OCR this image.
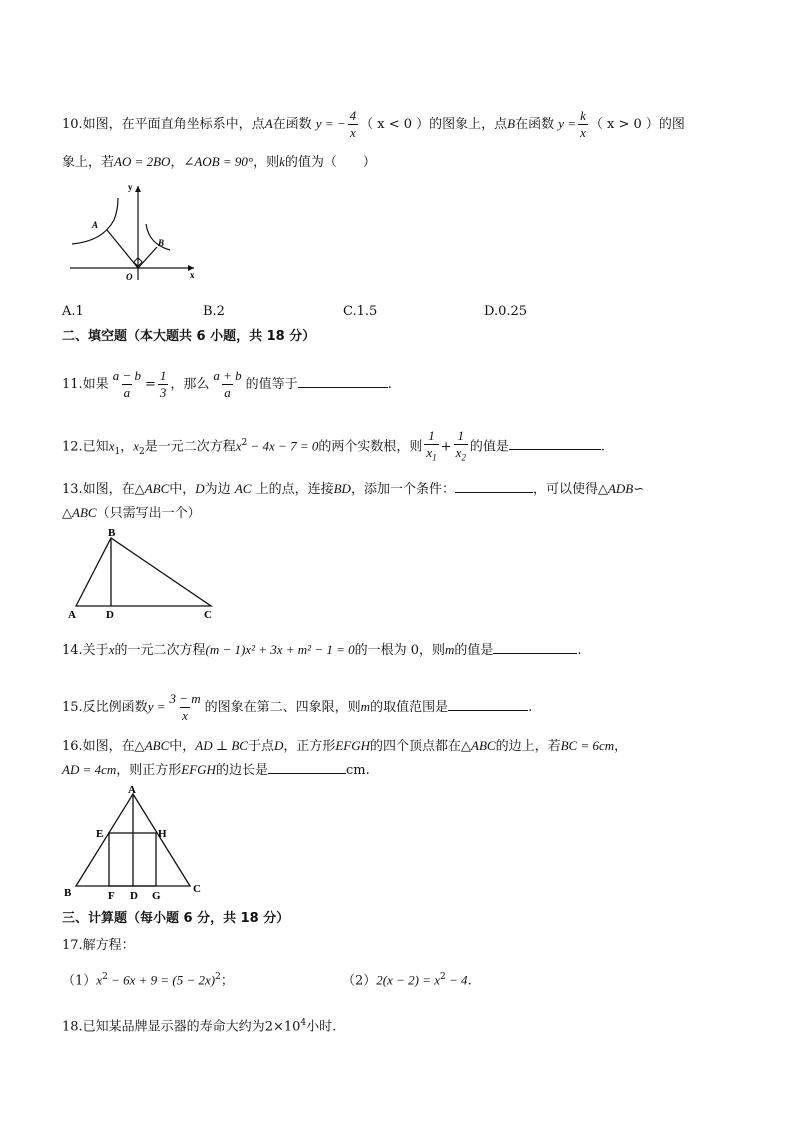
10.如图，在平面直角坐标系中，点A在函数 y = − $\frac{4}{x}$ （ x < 0 ）的图象上，点B在函数 $y = \frac{k}{x}$ （ x > 0 ）的图
象上，若AO = 2BO，∠AOB = 90°，则k的值为（　　）
y
x
A
B
O
A.1	B.2	C.1.5	D.0.25
二、填空题（本大题共 6 小题，共 18 分）
11.如果 $\frac{a - b}{a} = \frac{1}{3}$ ，那么 $\frac{a + b}{a}$ 的值等于	.
12.已知$x_1$，$x_2$是一元二次方程$x^2 - 4x - 7 = 0$的两个实数根，则 $\frac{1}{x_1} + \frac{1}{x_2}$ 的值是	.
13.如图，在△ABC中，D为边 AC 上的点，连接BD，添加一个条件：	，可以使得△ADB∽
△ABC（只需写出一个）
B
A	D	C
14.关于x的一元二次方程(m − 1)x² + 3x + m² − 1 = 0的一根为 0，则m的值是	.
15.反比例函数$y = \frac{3 - m}{x}$ 的图象在第二、四象限，则m的取值范围是	.
16.如图，在△ABC中，AD ⊥ BC于点D，正方形EFGH的四个顶点都在△ABC的边上，若BC = 6cm，
AD = 4cm，则正方形EFGH的边长是	cm.
A
E	H
B	F D G
C
三、计算题（每小题 6 分，共 18 分）
17.解方程：
$(1)x^2 - 6x + 9 = (5 - 2x)^2$；	$(2)2(x - 2) = x^2 - 4$.
18.已知某品牌显示器的寿命大约为$2\times 10^4$小时.
